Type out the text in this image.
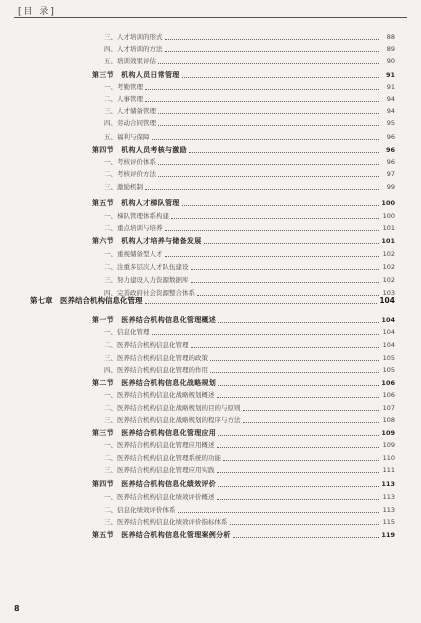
[目 录]
三、人才培训的形式	88
四、人才培训的方法	89
五、培训效果评估	90
第三节　机构人员日常管理	91
一、考勤管理	91
二、人事管理	94
三、人才储备管理	94
四、劳动合同管理	95
五、福利与保障	96
第四节　机构人员考核与激励	96
一、考核评价体系	96
二、考核评价方法	97
三、激励机制	99
第五节　机构人才梯队管理	100
一、梯队管理体系构建	100
二、重点培训与培养	101
第六节　机构人才培养与储备发展	101
一、重视储备型人才	102
二、注重多层次人才队伍建设	102
三、努力建设人力资源数据库	102
四、完善政府社会资源整合体系	103
第七章　医养结合机构信息化管理	104
第一节　医养结合机构信息化管理概述	104
一、信息化管理	104
二、医养结合机构信息化管理	104
三、医养结合机构信息化管理的政策	105
四、医养结合机构信息化管理的作用	105
第二节　医养结合机构信息化战略规划	106
一、医养结合机构信息化战略规划概述	106
二、医养结合机构信息化战略规划的目的与原则	107
三、医养结合机构信息化战略规划的程序与方法	108
第三节　医养结合机构信息化管理应用	109
一、医养结合机构信息化管理应用概述	109
二、医养结合机构信息化管理系统的功能	110
三、医养结合机构信息化管理应用实践	111
第四节　医养结合机构信息化绩效评价	113
一、医养结合机构信息化绩效评价概述	113
二、信息化绩效评价体系	113
三、医养结合机构信息化绩效评价指标体系	115
第五节　医养结合机构信息化管理案例分析	119
8
